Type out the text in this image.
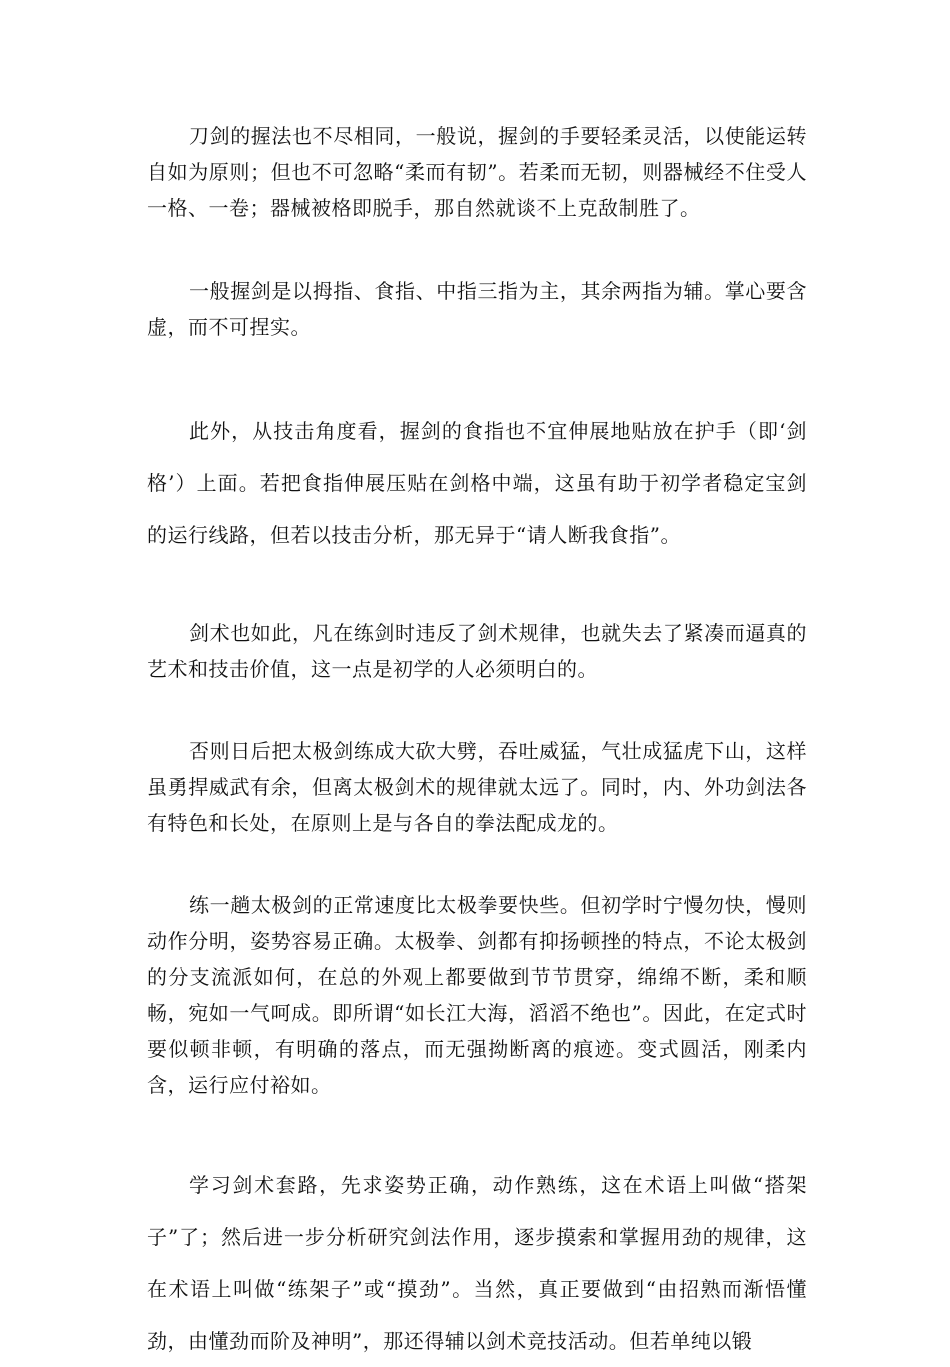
刀剑的握法也不尽相同，一般说，握剑的手要轻柔灵活，以使能运转自如为原则；但也不可忽略“柔而有韧”。若柔而无韧，则器械经不住受人一格、一卷；器械被格即脱手，那自然就谈不上克敌制胜了。

一般握剑是以拇指、食指、中指三指为主，其余两指为辅。掌心要含虚，而不可捏实。

此外，从技击角度看，握剑的食指也不宜伸展地贴放在护手（即‘剑格’）上面。若把食指伸展压贴在剑格中端，这虽有助于初学者稳定宝剑的运行线路，但若以技击分析，那无异于“请人断我食指”。

剑术也如此，凡在练剑时违反了剑术规律，也就失去了紧凑而逼真的艺术和技击价值，这一点是初学的人必须明白的。

否则日后把太极剑练成大砍大劈，吞吐威猛，气壮成猛虎下山，这样虽勇捍威武有余，但离太极剑术的规律就太远了。同时，内、外功剑法各有特色和长处，在原则上是与各自的拳法配成龙的。

练一趟太极剑的正常速度比太极拳要快些。但初学时宁慢勿快，慢则动作分明，姿势容易正确。太极拳、剑都有抑扬顿挫的特点，不论太极剑的分支流派如何，在总的外观上都要做到节节贯穿，绵绵不断，柔和顺畅，宛如一气呵成。即所谓“如长江大海，滔滔不绝也”。因此，在定式时要似顿非顿，有明确的落点，而无强拗断离的痕迹。变式圆活，刚柔内含，运行应付裕如。

学习剑术套路，先求姿势正确，动作熟练，这在术语上叫做“搭架子”了；然后进一步分析研究剑法作用，逐步摸索和掌握用劲的规律，这在术语上叫做“练架子”或“摸劲”。当然，真正要做到“由招熟而渐悟懂劲，由懂劲而阶及神明”，那还得辅以剑术竞技活动。但若单纯以锻
